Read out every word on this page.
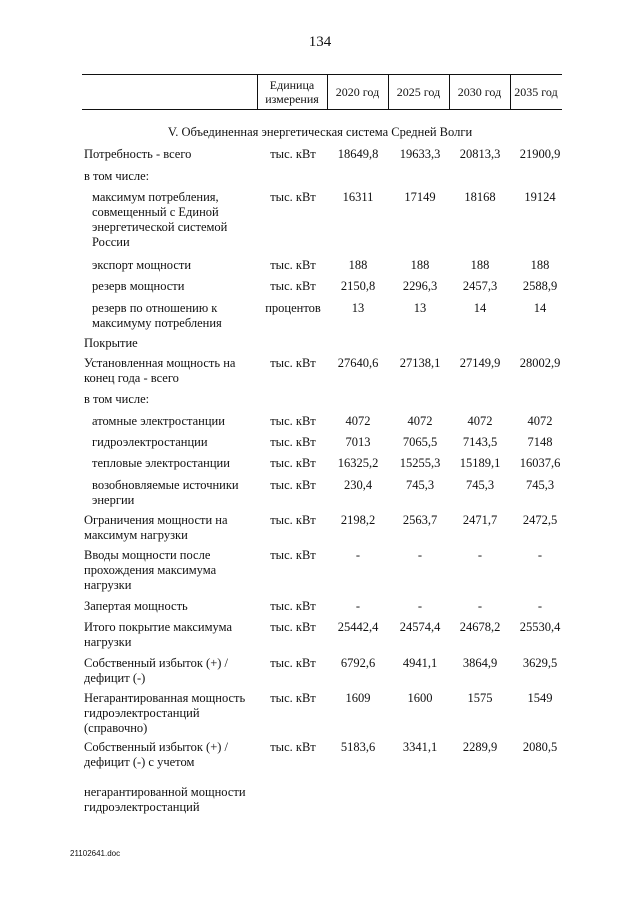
134
Единица
измерения	2020 год	2025 год	2030 год	2035 год
V. Объединенная энергетическая система Средней Волги
Потребность - всего	тыс. кВт	18649,8	19633,3	20813,3	21900,9
в том числе:
максимум потребления,
совмещенный с Единой
энергетической системой
России
тыс. кВт	16311	17149	18168	19124
экспорт мощности	тыс. кВт	188	188	188	188
резерв мощности	тыс. кВт	2150,8	2296,3	2457,3	2588,9
резерв по отношению к
максимуму потребления
процентов	13	13	14	14
Покрытие
Установленная мощность на
конец года - всего
тыс. кВт	27640,6	27138,1	27149,9	28002,9
в том числе:
атомные электростанции	тыс. кВт	4072	4072	4072	4072
гидроэлектростанции	тыс. кВт	7013	7065,5	7143,5	7148
тепловые электростанции	тыс. кВт	16325,2	15255,3	15189,1	16037,6
возобновляемые источники
энергии
тыс. кВт	230,4	745,3	745,3	745,3
Ограничения мощности на
максимум нагрузки
тыс. кВт	2198,2	2563,7	2471,7	2472,5
Вводы мощности после
прохождения максимума
нагрузки
тыс. кВт	-	-	-	-
Запертая мощность	тыс. кВт	-	-	-	-
Итого покрытие максимума
нагрузки
тыс. кВт	25442,4	24574,4	24678,2	25530,4
Собственный избыток (+) /
дефицит (-)
тыс. кВт	6792,6	4941,1	3864,9	3629,5
Негарантированная мощность
гидроэлектростанций
(справочно)
тыс. кВт	1609	1600	1575	1549
Собственный избыток (+) /
дефицит (-) с учетом

негарантированной мощности
гидроэлектростанций
тыс. кВт	5183,6	3341,1	2289,9	2080,5
21102641.doc
